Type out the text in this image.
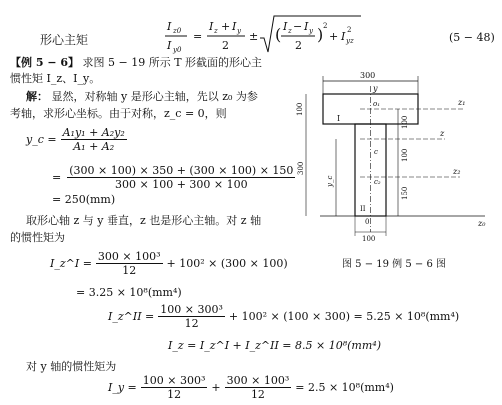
形心主矩
I z0
I y0
=
I z + I y
2
± ( I z − I y
2
) 2
+ I yz
2
(5 − 48)
【例 5 − 6】 求图 5 − 19 所示 T 形截面的形心主
惯性矩 I_z、I_y。
解： 显然，对称轴 y 是形心主轴，先以 z₀ 为参
考轴，求形心坐标。由于对称，z_c = 0，则
y_c = $\frac{\text{A₁y₁ + A₂y₂}}{\text{A₁ + A₂}}$
= $\frac{(300 \times 100) \times 350 + (300 \times 100) \times 150}{300 \times 100 + 300 \times 100}$
= 250(mm)
取形心轴 z 与 y 垂直，z 也是形心主轴。对 z 轴
的惯性矩为
I_z^I = $\frac{\text{300 × 100³}}{12} + 100^2 \times (300 \times 100)$
= 3.25 × 10⁸(mm⁴)
I_z^II = $\frac{\text{100 × 300³}}{12} + 100^2 \times (100 \times 300) = 5.25 \times 10^8(mm^4)$
I_z = I_z^I + I_z^II = 8.5 × 10⁸(mm⁴)
对 y 轴的惯性矩为
I_y = $\frac{\text{100 × 300³}}{12} + \frac{\text{300 × 100³}}{12} = 2.5 \times 10^8(mm^4)$
300
y
z₁
o₁
I
z
c
z₂
c₂
z₀
0
II
100
300
y_c
100
100
150
100
图 5 − 19 例 5 − 6 图
